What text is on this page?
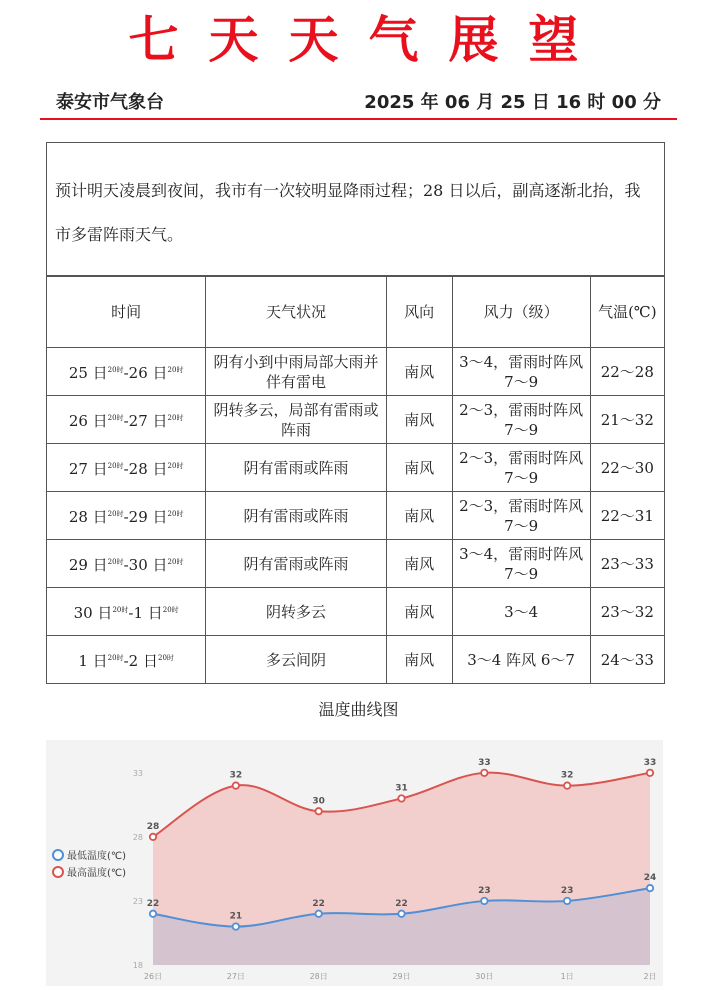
七天天气展望
泰安市气象台	2025 年 06 月 25 日 16 时 00 分
预计明天凌晨到夜间，我市有一次较明显降雨过程；28 日以后，副高逐渐北抬，我市多雷阵雨天气。
时间	天气状况	风向	风力（级）	气温(℃)
25 日$^{20时}$-26 日$^{20时}$	阴有小到中雨局部大雨并伴有雷电	南风	3～4，雷雨时阵风7～9	22～28
26 日$^{20时}$-27 日$^{20时}$	阴转多云，局部有雷雨或阵雨	南风	2～3，雷雨时阵风7～9	21～32
27 日$^{20时}$-28 日$^{20时}$	阴有雷雨或阵雨	南风	2～3，雷雨时阵风7～9	22～30
28 日$^{20时}$-29 日$^{20时}$	阴有雷雨或阵雨	南风	2～3，雷雨时阵风7～9	22～31
29 日$^{20时}$-30 日$^{20时}$	阴有雷雨或阵雨	南风	3～4，雷雨时阵风7～9	23～33
30 日$^{20时}$-1 日$^{20时}$	阴转多云	南风	3～4	23～32
1 日$^{20时}$-2 日$^{20时}$	多云间阴	南风	3～4 阵风 6～7	24～33
温度曲线图
18
23
28
33
26日	27日	28日	29日	30日	1日	2日
28
32
30
31
33
32
33
22
21
22	22
23	23
24
最低温度(℃)
最高温度(℃)
